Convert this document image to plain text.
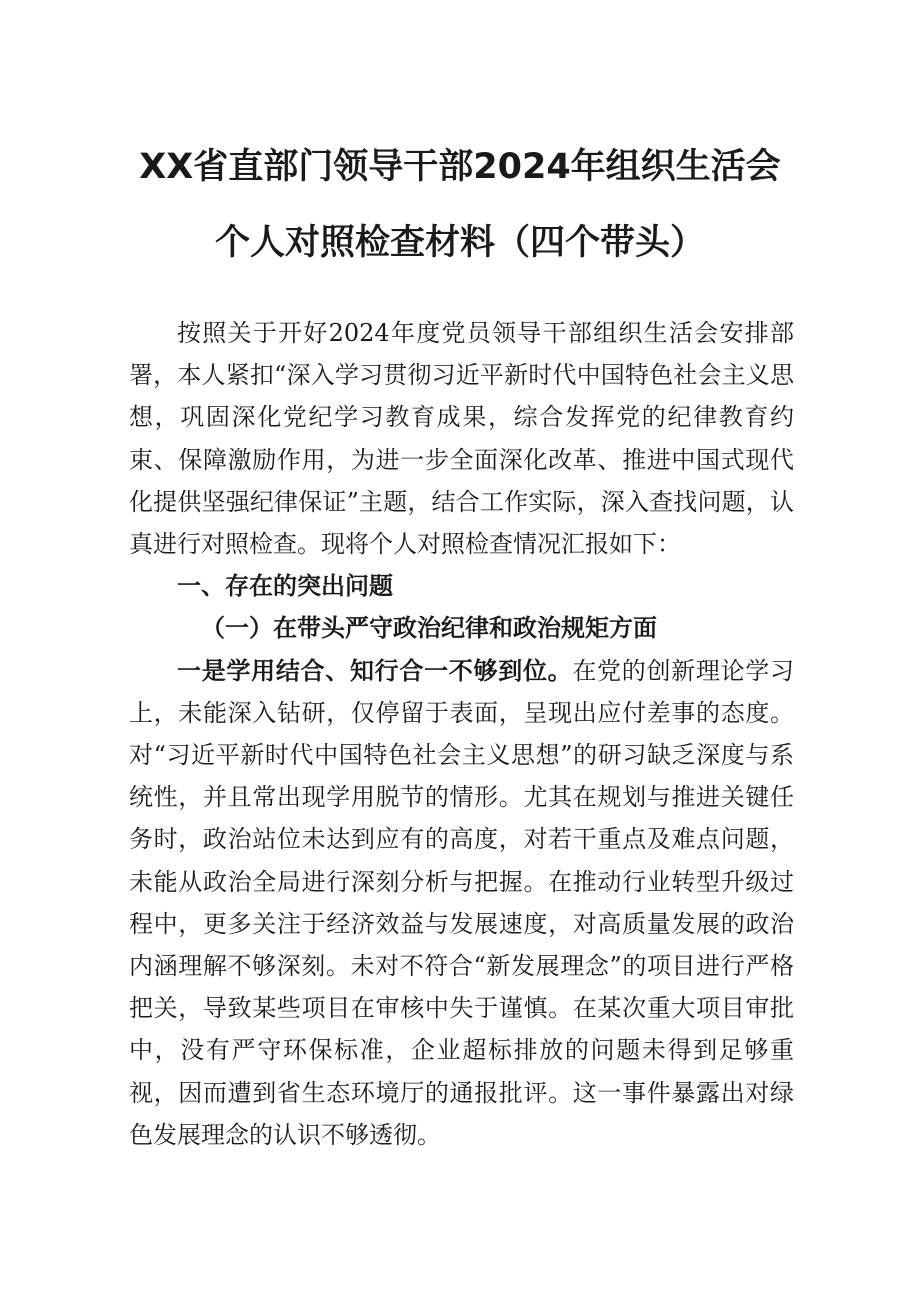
XX省直部门领导干部2024年组织生活会
个人对照检查材料（四个带头）

按照关于开好2024年度党员领导干部组织生活会安排部署，本人紧扣“深入学习贯彻习近平新时代中国特色社会主义思想，巩固深化党纪学习教育成果，综合发挥党的纪律教育约束、保障激励作用，为进一步全面深化改革、推进中国式现代化提供坚强纪律保证”主题，结合工作实际，深入查找问题，认真进行对照检查。现将个人对照检查情况汇报如下：

一、存在的突出问题

（一）在带头严守政治纪律和政治规矩方面

一是学用结合、知行合一不够到位。在党的创新理论学习上，未能深入钻研，仅停留于表面，呈现出应付差事的态度。对“习近平新时代中国特色社会主义思想”的研习缺乏深度与系统性，并且常出现学用脱节的情形。尤其在规划与推进关键任务时，政治站位未达到应有的高度，对若干重点及难点问题，未能从政治全局进行深刻分析与把握。在推动行业转型升级过程中，更多关注于经济效益与发展速度，对高质量发展的政治内涵理解不够深刻。未对不符合“新发展理念”的项目进行严格把关，导致某些项目在审核中失于谨慎。在某次重大项目审批中，没有严守环保标准，企业超标排放的问题未得到足够重视，因而遭到省生态环境厅的通报批评。这一事件暴露出对绿色发展理念的认识不够透彻。
